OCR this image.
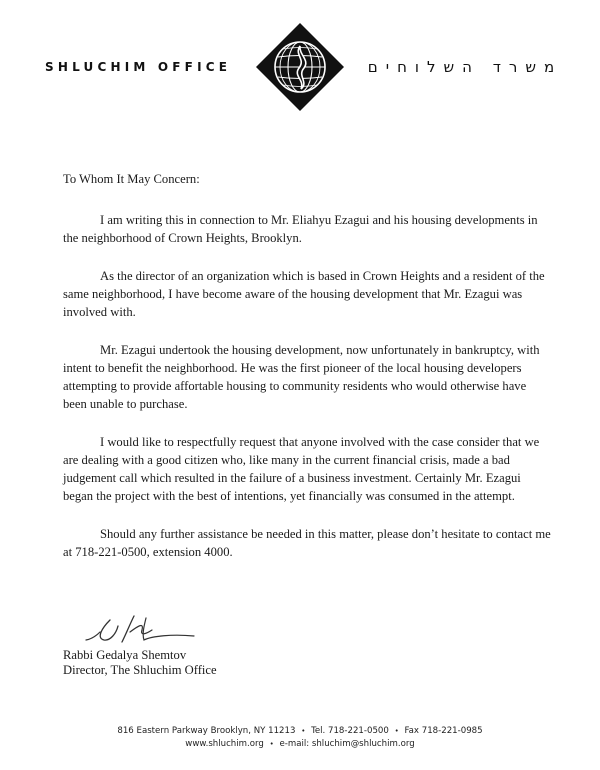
SHLUCHIM OFFICE	משרד השלוחים

To Whom It May Concern:

I am writing this in connection to Mr. Eliahyu Ezagui and his housing developments in the neighborhood of Crown Heights, Brooklyn.

As the director of an organization which is based in Crown Heights and a resident of the same neighborhood, I have become aware of the housing development that Mr. Ezagui was involved with.

Mr. Ezagui undertook the housing development, now unfortunately in bankruptcy, with intent to benefit the neighborhood. He was the first pioneer of the local housing developers attempting to provide affortable housing to community residents who would otherwise have been unable to purchase.

I would like to respectfully request that anyone involved with the case consider that we are dealing with a good citizen who, like many in the current financial crisis, made a bad judgement call which resulted in the failure of a business investment. Certainly Mr. Ezagui began the project with the best of intentions, yet financially was consumed in the attempt.

Should any further assistance be needed in this matter, please don’t hesitate to contact me at 718-221-0500, extension 4000.

Rabbi Gedalya Shemtov
Director, The Shluchim Office
816 Eastern Parkway Brooklyn, NY 11213 • Tel. 718-221-0500 • Fax 718-221-0985
www.shluchim.org • e-mail: shluchim@shluchim.org
